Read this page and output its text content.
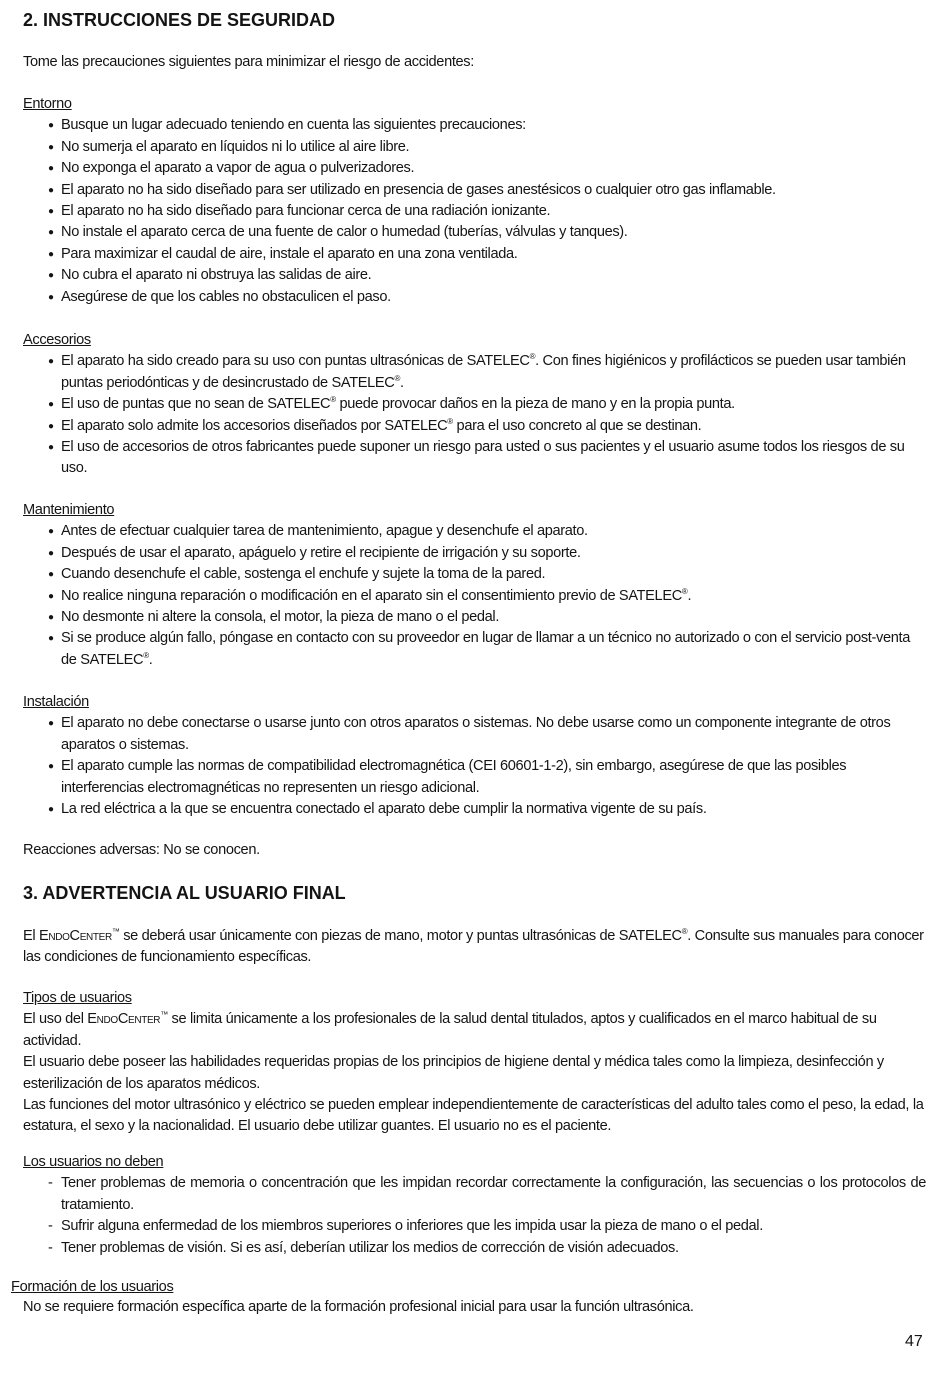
2. INSTRUCCIONES DE SEGURIDAD

Tome las precauciones siguientes para minimizar el riesgo de accidentes:

Entorno

● Busque un lugar adecuado teniendo en cuenta las siguientes precauciones:
● No sumerja el aparato en líquidos ni lo utilice al aire libre.
● No exponga el aparato a vapor de agua o pulverizadores.
● El aparato no ha sido diseñado para ser utilizado en presencia de gases anestésicos o cualquier otro gas inflamable.
● El aparato no ha sido diseñado para funcionar cerca de una radiación ionizante.
● No instale el aparato cerca de una fuente de calor o humedad (tuberías, válvulas y tanques).
● Para maximizar el caudal de aire, instale el aparato en una zona ventilada.
● No cubra el aparato ni obstruya las salidas de aire.
● Asegúrese de que los cables no obstaculicen el paso.

Accesorios

● El aparato ha sido creado para su uso con puntas ultrasónicas de SATELEC®. Con fines higiénicos y profilácticos se pueden usar también puntas periodónticas y de desincrustado de SATELEC®.
● El uso de puntas que no sean de SATELEC® puede provocar daños en la pieza de mano y en la propia punta.
● El aparato solo admite los accesorios diseñados por SATELEC® para el uso concreto al que se destinan.
● El uso de accesorios de otros fabricantes puede suponer un riesgo para usted o sus pacientes y el usuario asume todos los riesgos de su uso.

Mantenimiento

● Antes de efectuar cualquier tarea de mantenimiento, apague y desenchufe el aparato.
● Después de usar el aparato, apáguelo y retire el recipiente de irrigación y su soporte.
● Cuando desenchufe el cable, sostenga el enchufe y sujete la toma de la pared.
● No realice ninguna reparación o modificación en el aparato sin el consentimiento previo de SATELEC®.
● No desmonte ni altere la consola, el motor, la pieza de mano o el pedal.
● Si se produce algún fallo, póngase en contacto con su proveedor en lugar de llamar a un técnico no autorizado o con el servicio post-venta de SATELEC®.

Instalación

● El aparato no debe conectarse o usarse junto con otros aparatos o sistemas. No debe usarse como un componente integrante de otros aparatos o sistemas.
● El aparato cumple las normas de compatibilidad electromagnética (CEI 60601-1-2), sin embargo, asegúrese de que las posibles interferencias electromagnéticas no representen un riesgo adicional.
● La red eléctrica a la que se encuentra conectado el aparato debe cumplir la normativa vigente de su país.

Reacciones adversas: No se conocen.

3. ADVERTENCIA AL USUARIO FINAL

El EndoCenter™ se deberá usar únicamente con piezas de mano, motor y puntas ultrasónicas de SATELEC®. Consulte sus manuales para conocer las condiciones de funcionamiento específicas.

Tipos de usuarios

El uso del EndoCenter™ se limita únicamente a los profesionales de la salud dental titulados, aptos y cualificados en el marco habitual de su actividad.

El usuario debe poseer las habilidades requeridas propias de los principios de higiene dental y médica tales como la limpieza, desinfección y esterilización de los aparatos médicos.

Las funciones del motor ultrasónico y eléctrico se pueden emplear independientemente de características del adulto tales como el peso, la edad, la estatura, el sexo y la nacionalidad. El usuario debe utilizar guantes. El usuario no es el paciente.

Los usuarios no deben

- Tener problemas de memoria o concentración que les impidan recordar correctamente la configuración, las secuencias o los protocolos de tratamiento.
- Sufrir alguna enfermedad de los miembros superiores o inferiores que les impida usar la pieza de mano o el pedal.
- Tener problemas de visión. Si es así, deberían utilizar los medios de corrección de visión adecuados.

Formación de los usuarios

No se requiere formación específica aparte de la formación profesional inicial para usar la función ultrasónica.

47
